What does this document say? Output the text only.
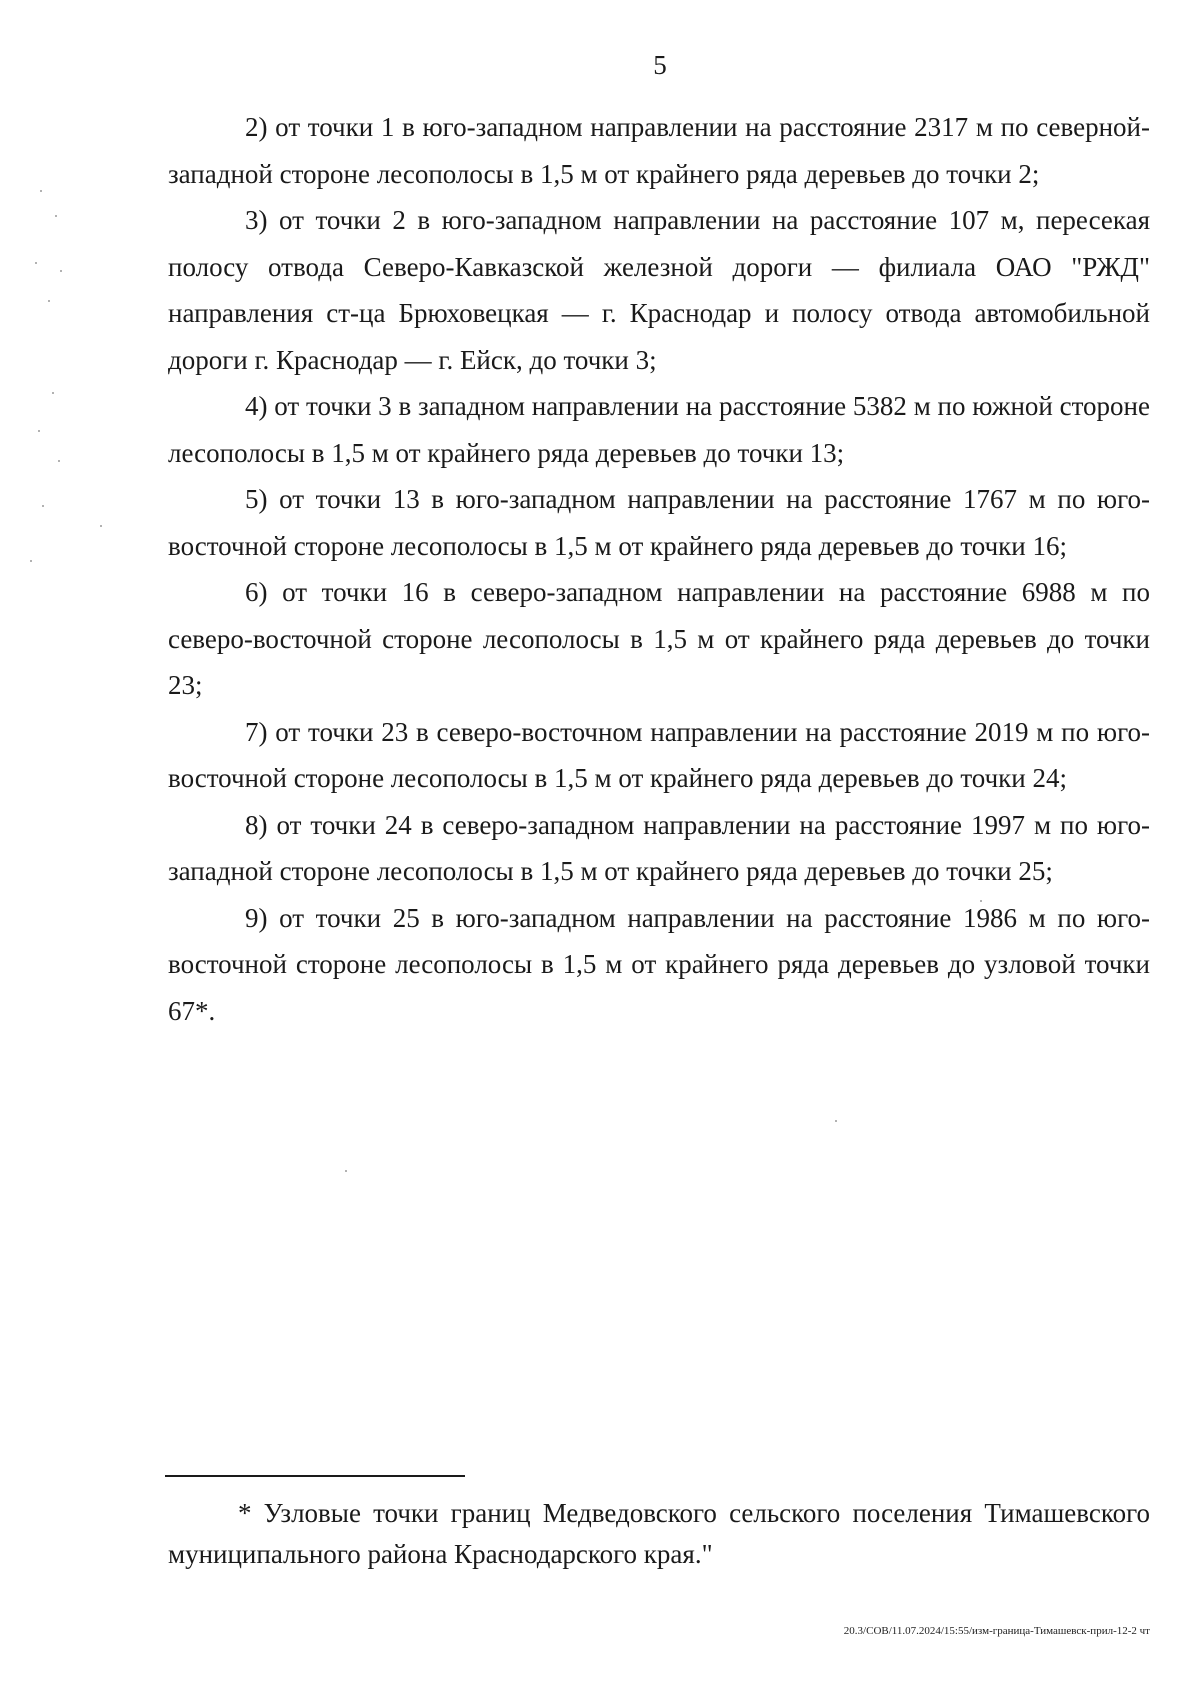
5

2) от точки 1 в юго-западном направлении на расстояние 2317 м по северной-западной стороне лесополосы в 1,5 м от крайнего ряда деревьев до точки 2;

3) от точки 2 в юго-западном направлении на расстояние 107 м, пересекая полосу отвода Северо-Кавказской железной дороги — филиала ОАО "РЖД" направления ст-ца Брюховецкая — г. Краснодар и полосу отвода автомобильной дороги г. Краснодар — г. Ейск, до точки 3;

4) от точки 3 в западном направлении на расстояние 5382 м по южной стороне лесополосы в 1,5 м от крайнего ряда деревьев до точки 13;

5) от точки 13 в юго-западном направлении на расстояние 1767 м по юго-восточной стороне лесополосы в 1,5 м от крайнего ряда деревьев до точки 16;

6) от точки 16 в северо-западном направлении на расстояние 6988 м по северо-восточной стороне лесополосы в 1,5 м от крайнего ряда деревьев до точки 23;

7) от точки 23 в северо-восточном направлении на расстояние 2019 м по юго-восточной стороне лесополосы в 1,5 м от крайнего ряда деревьев до точки 24;

8) от точки 24 в северо-западном направлении на расстояние 1997 м по юго-западной стороне лесополосы в 1,5 м от крайнего ряда деревьев до точки 25;

9) от точки 25 в юго-западном направлении на расстояние 1986 м по юго-восточной стороне лесополосы в 1,5 м от крайнего ряда деревьев до узловой точки 67*.

* Узловые точки границ Медведовского сельского поселения Тимашевского муниципального района Краснодарского края."
20.3/СОВ/11.07.2024/15:55/изм-граница-Тимашевск-прил-12-2 чт
